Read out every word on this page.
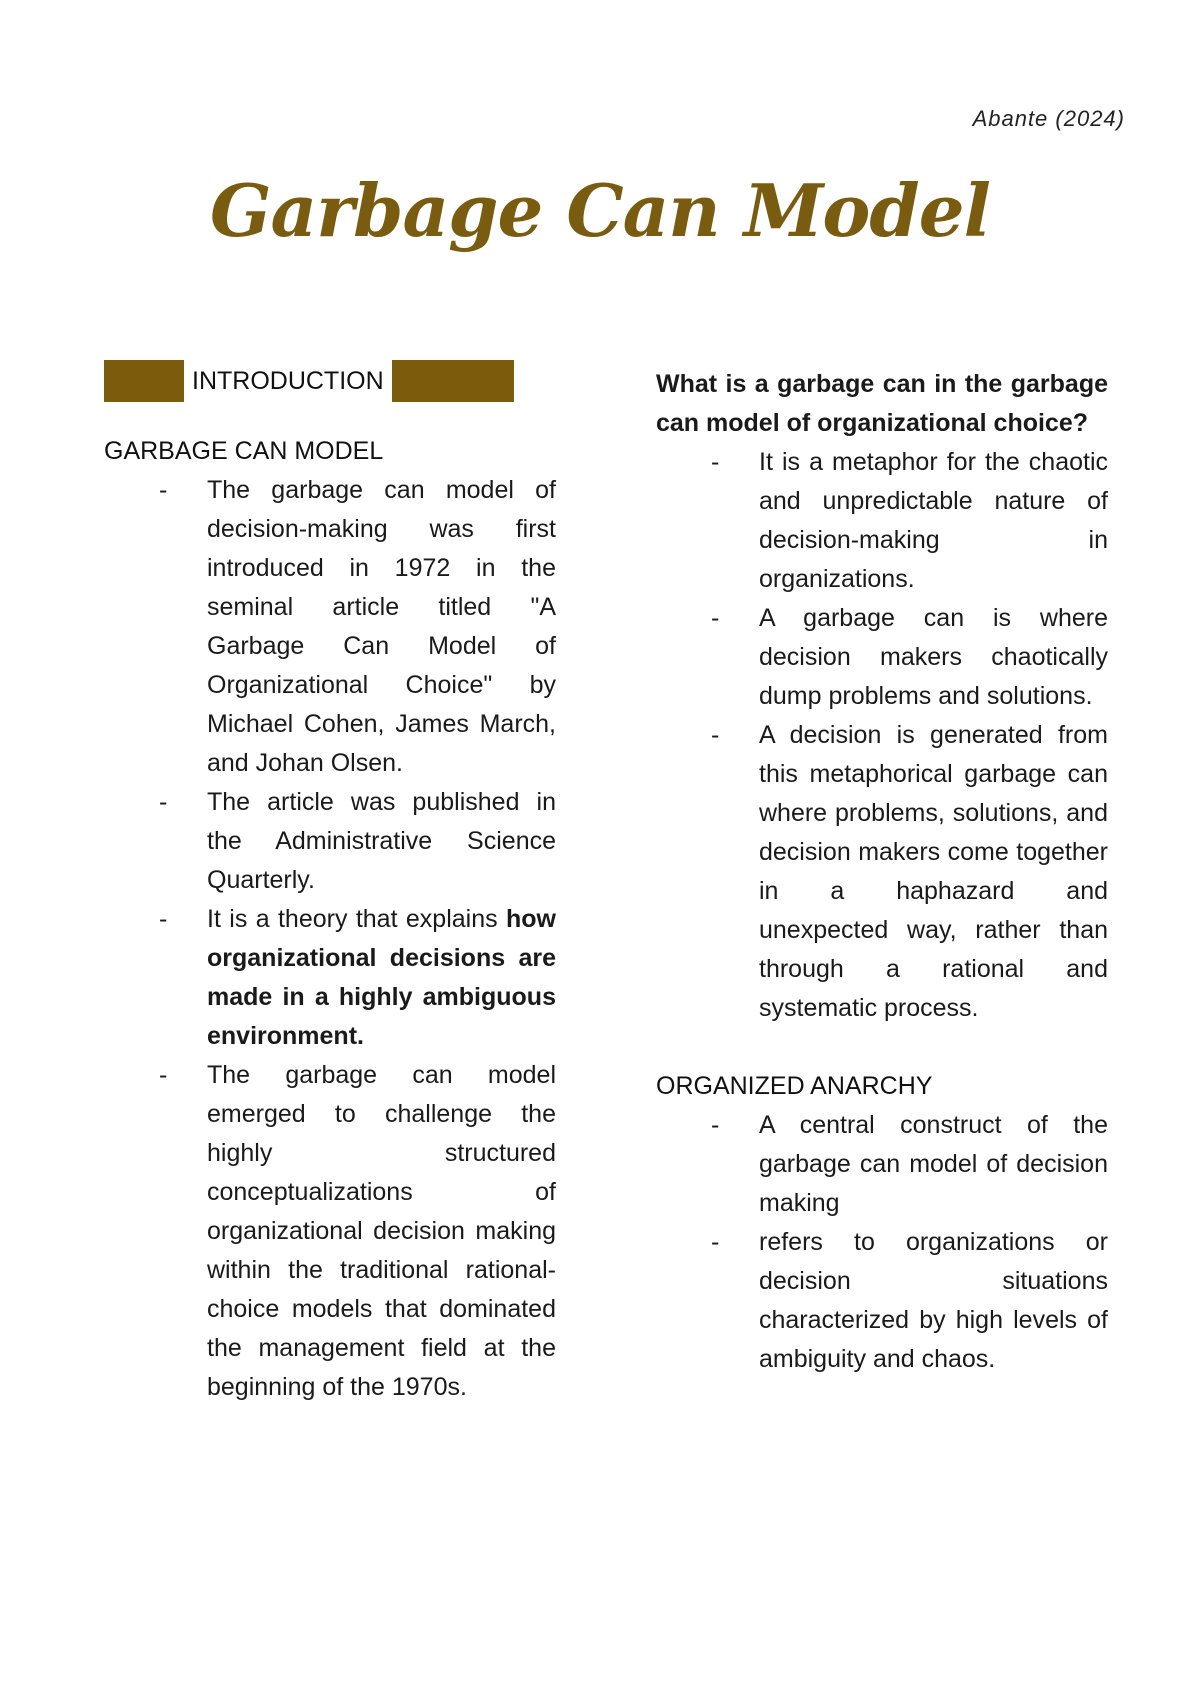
Abante (2024)
Garbage Can Model
INTRODUCTION
GARBAGE CAN MODEL
- The garbage can model of decision-making was first introduced in 1972 in the seminal article titled "A Garbage Can Model of Organizational Choice" by Michael Cohen, James March, and Johan Olsen.
- The article was published in the Administrative Science Quarterly.
- It is a theory that explains how organizational decisions are made in a highly ambiguous environment.
- The garbage can model emerged to challenge the highly structured conceptualizations of organizational decision making within the traditional rational-choice models that dominated the management field at the beginning of the 1970s.
What is a garbage can in the garbage can model of organizational choice?
- It is a metaphor for the chaotic and unpredictable nature of decision-making in organizations.
- A garbage can is where decision makers chaotically dump problems and solutions.
- A decision is generated from this metaphorical garbage can where problems, solutions, and decision makers come together in a haphazard and unexpected way, rather than through a rational and systematic process.
ORGANIZED ANARCHY
- A central construct of the garbage can model of decision making
- refers to organizations or decision situations characterized by high levels of ambiguity and chaos.
